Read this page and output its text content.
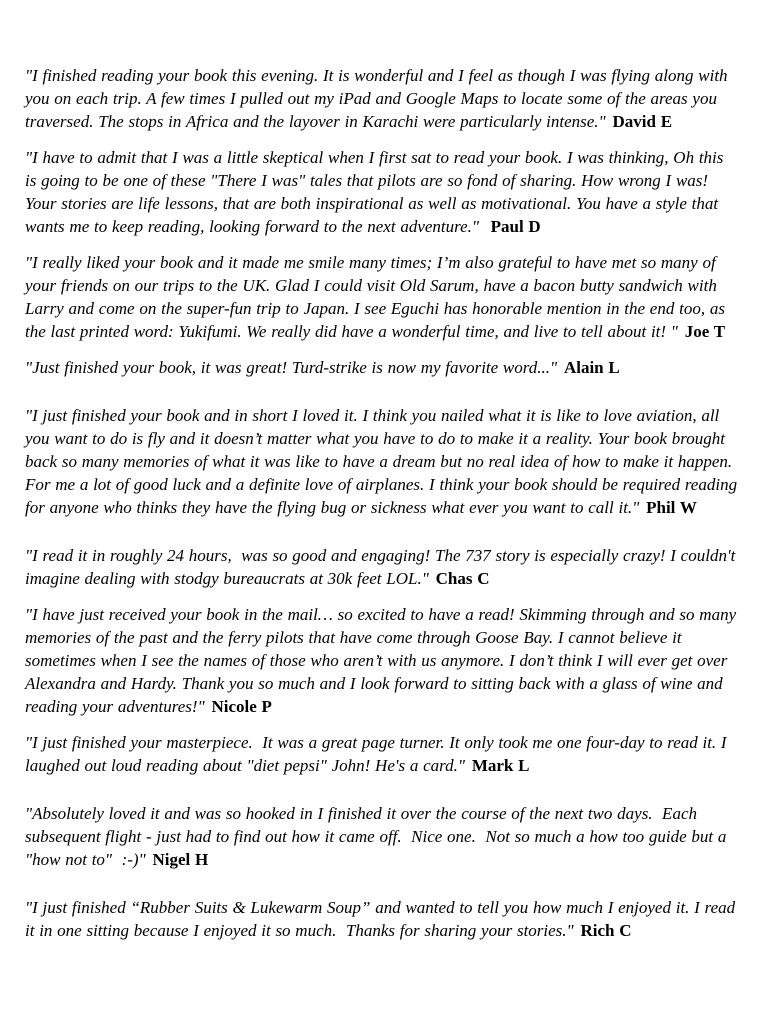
"I finished reading your book this evening. It is wonderful and I feel as though I was flying along with you on each trip. A few times I pulled out my iPad and Google Maps to locate some of the areas you traversed. The stops in Africa and the layover in Karachi were particularly intense." David E

"I have to admit that I was a little skeptical when I first sat to read your book. I was thinking, Oh this is going to be one of these "There I was" tales that pilots are so fond of sharing. How wrong I was! Your stories are life lessons, that are both inspirational as well as motivational. You have a style that wants me to keep reading, looking forward to the next adventure." Paul D

"I really liked your book and it made me smile many times; I’m also grateful to have met so many of your friends on our trips to the UK. Glad I could visit Old Sarum, have a bacon butty sandwich with Larry and come on the super-fun trip to Japan. I see Eguchi has honorable mention in the end too, as the last printed word: Yukifumi. We really did have a wonderful time, and live to tell about it! " Joe T

"Just finished your book, it was great! Turd-strike is now my favorite word..." Alain L

"I just finished your book and in short I loved it. I think you nailed what it is like to love aviation, all you want to do is fly and it doesn’t matter what you have to do to make it a reality. Your book brought back so many memories of what it was like to have a dream but no real idea of how to make it happen. For me a lot of good luck and a definite love of airplanes. I think your book should be required reading for anyone who thinks they have the flying bug or sickness what ever you want to call it." Phil W

"I read it in roughly 24 hours,  was so good and engaging! The 737 story is especially crazy! I couldn't imagine dealing with stodgy bureaucrats at 30k feet LOL." Chas C

"I have just received your book in the mail… so excited to have a read! Skimming through and so many memories of the past and the ferry pilots that have come through Goose Bay. I cannot believe it sometimes when I see the names of those who aren’t with us anymore. I don’t think I will ever get over Alexandra and Hardy. Thank you so much and I look forward to sitting back with a glass of wine and reading your adventures!" Nicole P

"I just finished your masterpiece.  It was a great page turner. It only took me one four-day to read it. I laughed out loud reading about "diet pepsi" John! He's a card." Mark L

"Absolutely loved it and was so hooked in I finished it over the course of the next two days.  Each subsequent flight - just had to find out how it came off.  Nice one.  Not so much a how too guide but a "how not to"  :-)" Nigel H

"I just finished “Rubber Suits & Lukewarm Soup” and wanted to tell you how much I enjoyed it. I read it in one sitting because I enjoyed it so much.  Thanks for sharing your stories." Rich C
